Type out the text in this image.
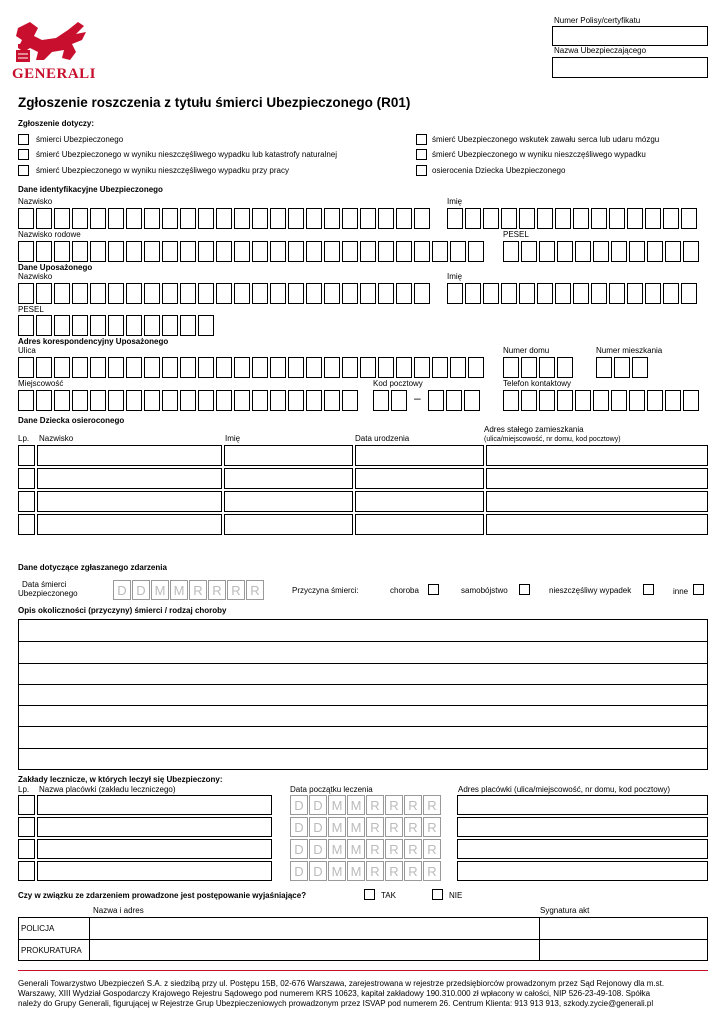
GENERALI
Numer Polisy/certyfikatu
Nazwa Ubezpieczającego
Zgłoszenie roszczenia z tytułu śmierci Ubezpieczonego (R01)
Zgłoszenie dotyczy:
śmierci Ubezpieczonego
śmierć Ubezpieczonego w wyniku nieszczęśliwego wypadku lub katastrofy naturalnej
śmierć Ubezpieczonego w wyniku nieszczęśliwego wypadku przy pracy
śmierć Ubezpieczonego wskutek zawału serca lub udaru mózgu
śmierć Ubezpieczonego w wyniku nieszczęśliwego wypadku
osierocenia Dziecka Ubezpieczonego
Dane identyfikacyjne Ubezpieczonego
Nazwisko	Imię
Nazwisko rodowe	PESEL
Dane Uposażonego
Nazwisko	Imię
PESEL
Adres korespondencyjny Uposażonego
Ulica	Numer domu	Numer mieszkania
Miejscowość	Kod pocztowy
–
Telefon kontaktowy
Dane Dziecka osieroconego
Lp. Nazwisko	Imię	Data urodzenia
Adres stałego zamieszkania
(ulica/miejscowość, nr domu, kod pocztowy)
Dane dotyczące zgłaszanego zdarzenia
Data śmierci
Ubezpieczonego	D D M M R R R R	Przyczyna śmierci:	choroba	samobójstwo	nieszczęśliwy wypadek	inne
Opis okoliczności (przyczyny) śmierci / rodzaj choroby
Zakłady lecznicze, w których leczył się Ubezpieczony:
Lp. Nazwa placówki (zakładu leczniczego)	Data początku leczenia	Adres placówki (ulica/miejscowość, nr domu, kod pocztowy)
D D M M R R R R
D D M M R R R R
D D M M R R R R
D D M M R R R R
Czy w związku ze zdarzeniem prowadzone jest postępowanie wyjaśniające?	TAK	NIE
Nazwa i adres	Sygnatura akt
POLICJA
PROKURATURA
Generali Towarzystwo Ubezpieczeń S.A. z siedzibą przy ul. Postępu 15B, 02-676 Warszawa, zarejestrowana w rejestrze przedsiębiorców prowadzonym przez Sąd Rejonowy dla m.st.
Warszawy, XIII Wydział Gospodarczy Krajowego Rejestru Sądowego pod numerem KRS 10623, kapitał zakładowy 190.310.000 zł wpłacony w całości, NIP 526-23-49-108. Spółka
należy do Grupy Generali, figurującej w Rejestrze Grup Ubezpieczeniowych prowadzonym przez ISVAP pod numerem 26. Centrum Klienta: 913 913 913, szkody.zycie@generali.pl
